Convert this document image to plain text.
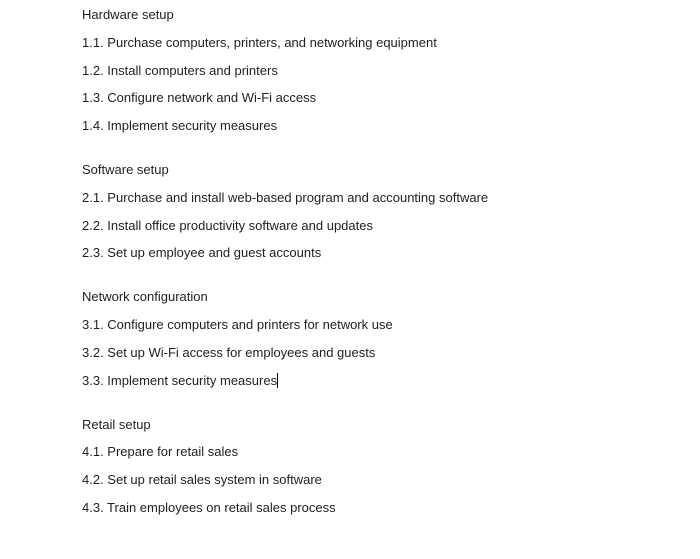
Hardware setup
1.1. Purchase computers, printers, and networking equipment
1.2. Install computers and printers
1.3. Configure network and Wi-Fi access
1.4. Implement security measures
Software setup
2.1. Purchase and install web-based program and accounting software
2.2. Install office productivity software and updates
2.3. Set up employee and guest accounts
Network configuration
3.1. Configure computers and printers for network use
3.2. Set up Wi-Fi access for employees and guests
3.3. Implement security measures
Retail setup
4.1. Prepare for retail sales
4.2. Set up retail sales system in software
4.3. Train employees on retail sales process
